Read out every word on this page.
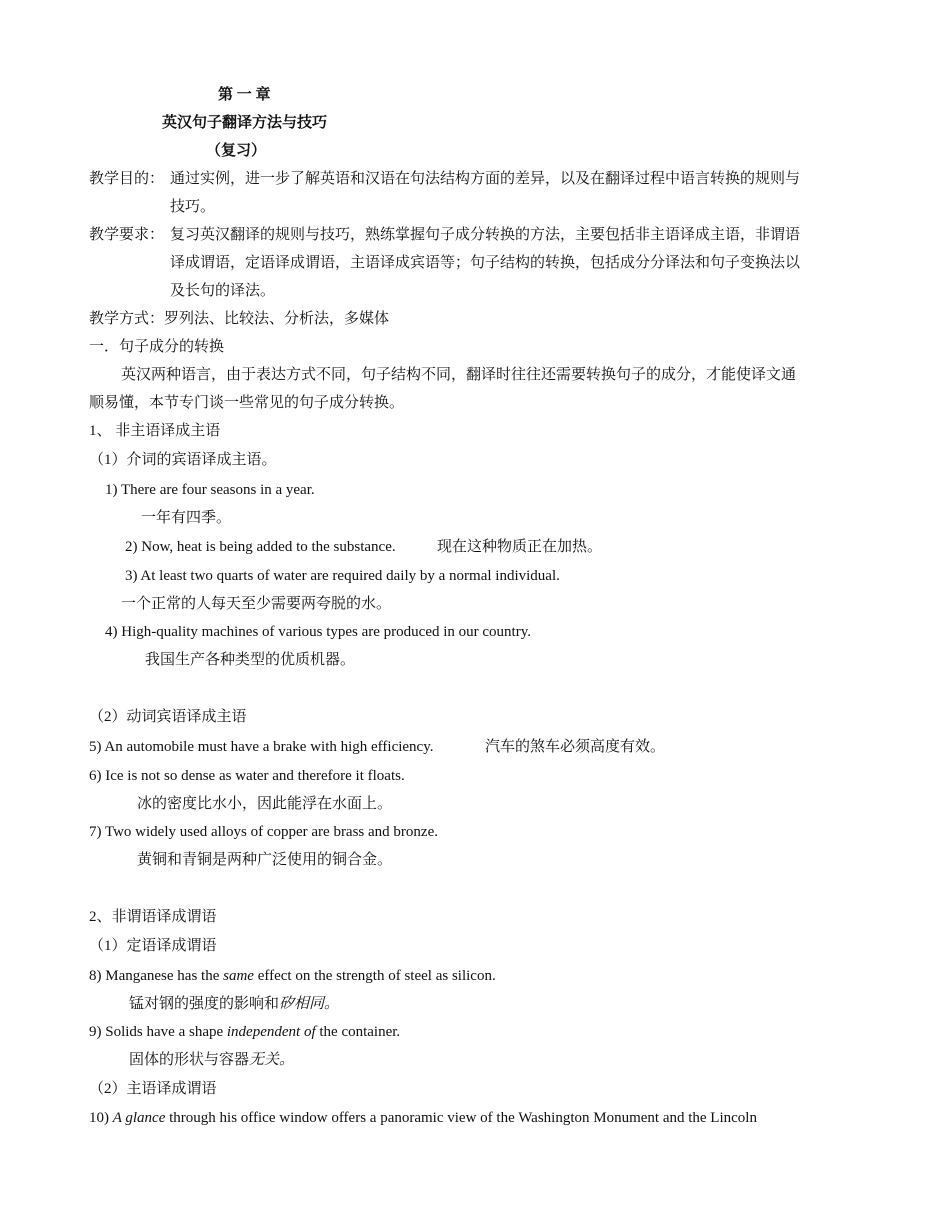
第 一 章
英汉句子翻译方法与技巧
（复习）
教学目的： 通过实例，进一步了解英语和汉语在句法结构方面的差异，以及在翻译过程中语言转换的规则与
技巧。
教学要求： 复习英汉翻译的规则与技巧，熟练掌握句子成分转换的方法，主要包括非主语译成主语，非谓语
译成谓语，定语译成谓语，主语译成宾语等；句子结构的转换，包括成分分译法和句子变换法以
及长句的译法。
教学方式：罗列法、比较法、分析法，多媒体
一．句子成分的转换
英汉两种语言，由于表达方式不同，句子结构不同，翻译时往往还需要转换句子的成分，才能使译文通
顺易懂，本节专门谈一些常见的句子成分转换。
1、 非主语译成主语
（1）介词的宾语译成主语。
1) There are four seasons in a year.
一年有四季。
2) Now, heat is being added to the substance.	现在这种物质正在加热。
3) At least two quarts of water are required daily by a normal individual.
一个正常的人每天至少需要两夸脱的水。
4) High-quality machines of various types are produced in our country.
我国生产各种类型的优质机器。
（2）动词宾语译成主语
5) An automobile must have a brake with high efficiency.	汽车的煞车必须高度有效。
6) Ice is not so dense as water and therefore it floats.
冰的密度比水小，因此能浮在水面上。
7) Two widely used alloys of copper are brass and bronze.
黄铜和青铜是两种广泛使用的铜合金。
2、非谓语译成谓语
（1）定语译成谓语
8) Manganese has the same effect on the strength of steel as silicon.
锰对钢的强度的影响和矽相同。
9) Solids have a shape independent of the container.
固体的形状与容器无关。
（2）主语译成谓语
10) A glance through his office window offers a panoramic view of the Washington Monument and the Lincoln
